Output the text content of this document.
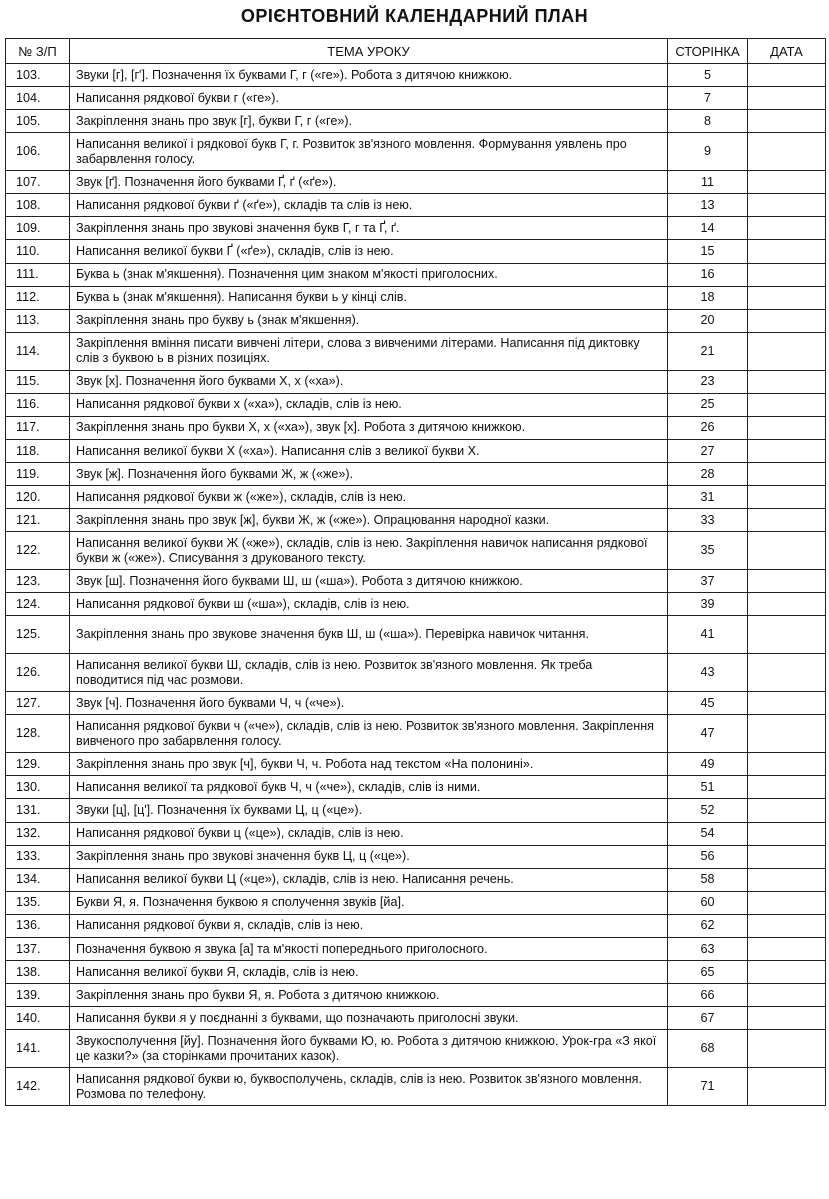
ОРІЄНТОВНИЙ КАЛЕНДАРНИЙ ПЛАН
№ З/П	ТЕМА УРОКУ	СТОРІНКА	ДАТА
103.	Звуки [г], [г']. Позначення їх буквами Г, г («ге»). Робота з дитячою книжкою.	5	
104.	Написання рядкової букви г («ге»).	7	
105.	Закріплення знань про звук [г], букви Г, г («ге»).	8	
106.	Написання великої і рядкової букв Г, г. Розвиток зв'язного мовлення. Формування уявлень про забарвлення голосу.	9	
107.	Звук [ґ]. Позначення його буквами Ґ, ґ («ґе»).	11	
108.	Написання рядкової букви ґ («ґе»), складів та слів із нею.	13	
109.	Закріплення знань про звукові значення букв Г, г та Ґ, ґ.	14	
110.	Написання великої букви Ґ («ґе»), складів, слів із нею.	15	
111.	Буква ь (знак м'якшення). Позначення цим знаком м'якості приголосних.	16	
112.	Буква ь (знак м'якшення). Написання букви ь у кінці слів.	18	
113.	Закріплення знань про букву ь (знак м'якшення).	20	
114.	Закріплення вміння писати вивчені літери, слова з вивченими літерами. Написання під диктовку слів з буквою ь в різних позиціях.	21	
115.	Звук [х]. Позначення його буквами Х, х («ха»).	23	
116.	Написання рядкової букви х («ха»), складів, слів із нею.	25	
117.	Закріплення знань про букви Х, х («ха»), звук [х]. Робота з дитячою книжкою.	26	
118.	Написання великої букви Х («ха»). Написання слів з великої букви Х.	27	
119.	Звук [ж]. Позначення його буквами Ж, ж («же»).	28	
120.	Написання рядкової букви ж («же»), складів, слів із нею.	31	
121.	Закріплення знань про звук [ж], букви Ж, ж («же»). Опрацювання народної казки.	33	
122.	Написання великої букви Ж («же»), складів, слів із нею. Закріплення навичок написання рядкової букви ж («же»). Списування з друкованого тексту.	35	
123.	Звук [ш]. Позначення його буквами Ш, ш («ша»). Робота з дитячою книжкою.	37	
124.	Написання рядкової букви ш («ша»), складів, слів із нею.	39	
125.	Закріплення знань про звукове значення букв Ш, ш («ша»). Перевірка навичок читання.	41	
126.	Написання великої букви Ш, складів, слів із нею. Розвиток зв'язного мовлення. Як треба поводитися під час розмови.	43	
127.	Звук [ч]. Позначення його буквами Ч, ч («че»).	45	
128.	Написання рядкової букви ч («че»), складів, слів із нею. Розвиток зв'язного мовлення. Закріплення вивченого про забарвлення голосу.	47	
129.	Закріплення знань про звук [ч], букви Ч, ч. Робота над текстом «На полонині».	49	
130.	Написання великої та рядкової букв Ч, ч («че»), складів, слів із ними.	51	
131.	Звуки [ц], [ц']. Позначення їх буквами Ц, ц («це»).	52	
132.	Написання рядкової букви ц («це»), складів, слів із нею.	54	
133.	Закріплення знань про звукові значення букв Ц, ц («це»).	56	
134.	Написання великої букви Ц («це»), складів, слів із нею. Написання речень.	58	
135.	Букви Я, я. Позначення буквою я сполучення звуків [йа].	60	
136.	Написання рядкової букви я, складів, слів із нею.	62	
137.	Позначення буквою я звука [а] та м'якості попереднього приголосного.	63	
138.	Написання великої букви Я, складів, слів із нею.	65	
139.	Закріплення знань про букви Я, я. Робота з дитячою книжкою.	66	
140.	Написання букви я у поєднанні з буквами, що позначають приголосні звуки.	67	
141.	Звукосполучення [йу]. Позначення його буквами Ю, ю. Робота з дитячою книжкою. Урок-гра «З якої це казки?» (за сторінками прочитаних казок).	68	
142.	Написання рядкової букви ю, буквосполучень, складів, слів із нею. Розвиток зв'язного мовлення. Розмова по телефону.	71	
